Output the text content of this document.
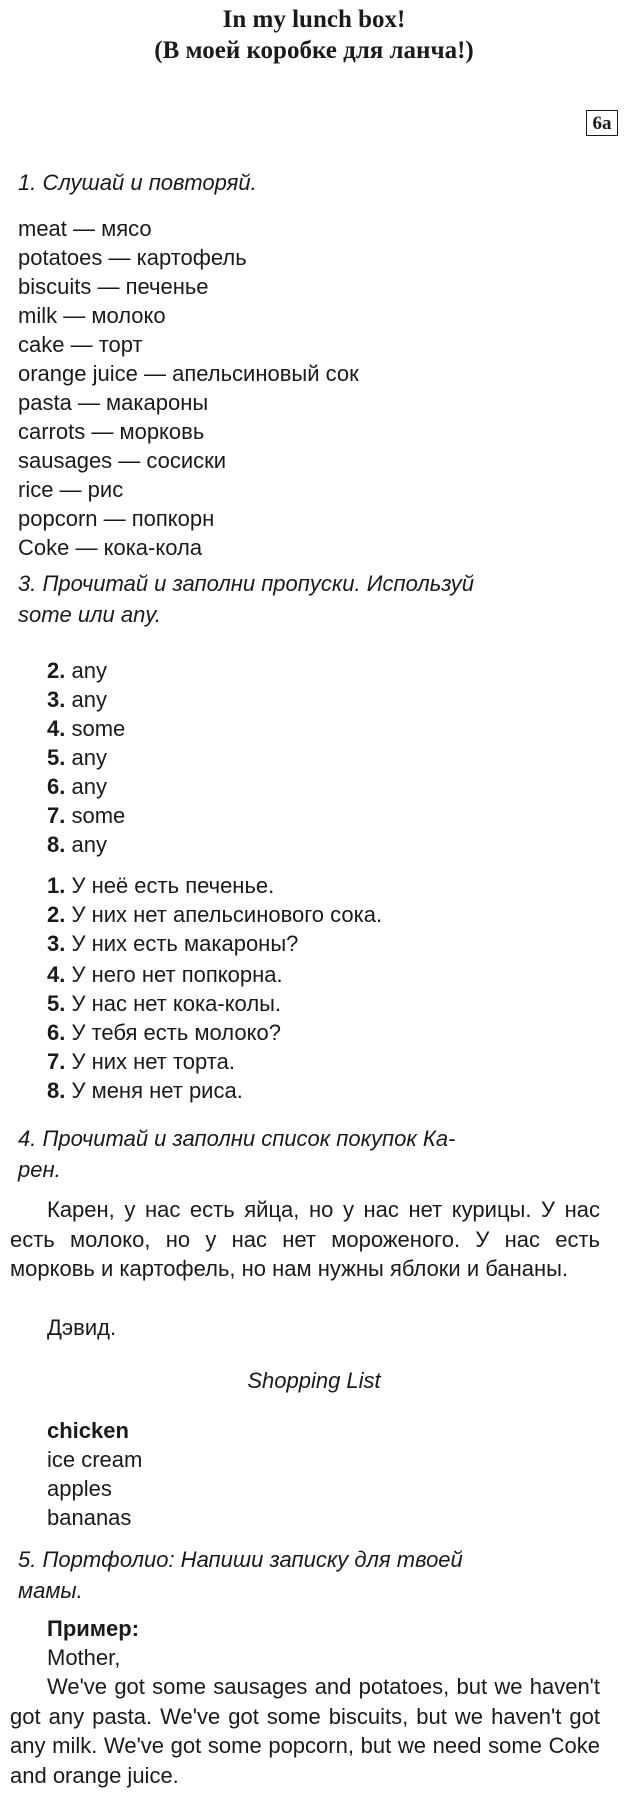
In my lunch box!
(В моей коробке для ланча!)
6a
1. Слушай и повторяй.
meat — мясо
potatoes — картофель
biscuits — печенье
milk — молоко
cake — торт
orange juice — апельсиновый сок
pasta — макароны
carrots — морковь
sausages — сосиски
rice — рис
popcorn — попкорн
Coke — кока-кола
3. Прочитай и заполни пропуски. Используй
some или any.
2. any
3. any
4. some
5. any
6. any
7. some
8. any
1. У неё есть печенье.
2. У них нет апельсинового сока.
3. У них есть макароны?
4. У него нет попкорна.
5. У нас нет кока-колы.
6. У тебя есть молоко?
7. У них нет торта.
8. У меня нет риса.
4. Прочитай и заполни список покупок Ка-
рен.
Карен, у нас есть яйца, но у нас нет курицы. У нас есть молоко, но у нас нет мороженого. У нас есть морковь и картофель, но нам нужны яблоки и бананы.
Дэвид.
Shopping List
chicken
ice cream
apples
bananas
5. Портфолио: Напиши записку для твоей
мамы.
Пример:
Mother,
We've got some sausages and potatoes, but we haven't got any pasta. We've got some biscuits, but we haven't got any milk. We've got some popcorn, but we need some Coke and orange juice.
